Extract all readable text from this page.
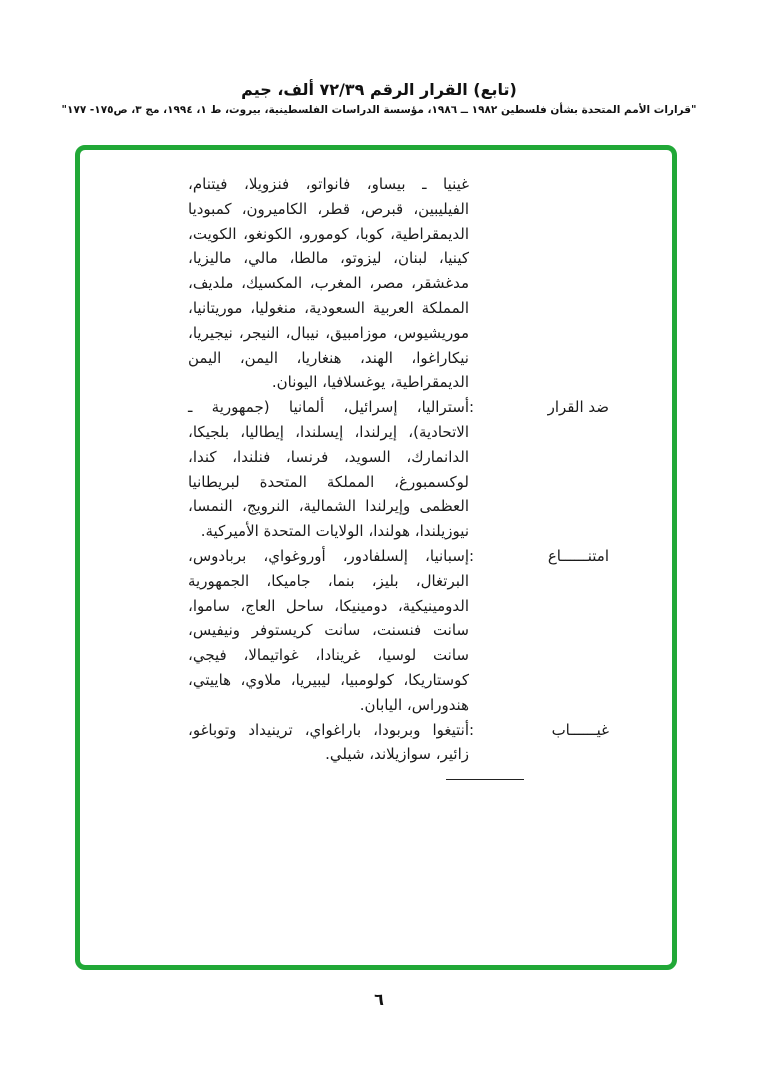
(تابع) القرار الرقم ٧٢/٣٩ ألف، جيم
"قرارات الأمم المتحدة بشأن فلسطين ١٩٨٢ ــ ١٩٨٦، مؤسسة الدراسات الفلسطينية، بيروت، ط ١، ١٩٩٤، مج ٣، ص١٧٥- ١٧٧"
غينيا ـ بيساو، فانواتو، فنزويلا، فيتنام، الفيليبين، قبرص، قطر، الكاميرون، كمبوديا الديمقراطية، كوبا، كومورو، الكونغو، الكويت، كينيا، لبنان، ليزوتو، مالطا، مالي، ماليزيا، مدغشقر، مصر، المغرب، المكسيك، ملديف، المملكة العربية السعودية، منغوليا، موريتانيا، موريشيوس، موزامبيق، نيبال، النيجر، نيجيريا، نيكاراغوا، الهند، هنغاريا، اليمن، اليمن الديمقراطية، يوغسلافيا، اليونان.
ضد القرار
:
أستراليا، إسرائيل، ألمانيا (جمهورية ـ الاتحادية)، إيرلندا، إيسلندا، إيطاليا، بلجيكا، الدانمارك، السويد، فرنسا، فنلندا، كندا، لوكسمبورغ، المملكة المتحدة لبريطانيا العظمى وإيرلندا الشمالية، النرويج، النمسا، نيوزيلندا، هولندا، الولايات المتحدة الأميركية.
امتنــــــاع
:
إسبانيا، إلسلفادور، أوروغواي، بربادوس، البرتغال، بليز، بنما، جاميكا، الجمهورية الدومينيكية، دومينيكا، ساحل العاج، ساموا، سانت فنسنت، سانت كريستوفر ونيفيس، سانت لوسيا، غرينادا، غواتيمالا، فيجي، كوستاريكا، كولومبيا، ليبيريا، ملاوي، هاييتي، هندوراس، اليابان.
غيــــــاب
:
أنتيغوا وبربودا، باراغواي، ترينيداد وتوباغو، زائير، سوازيلاند، شيلي.
٦
